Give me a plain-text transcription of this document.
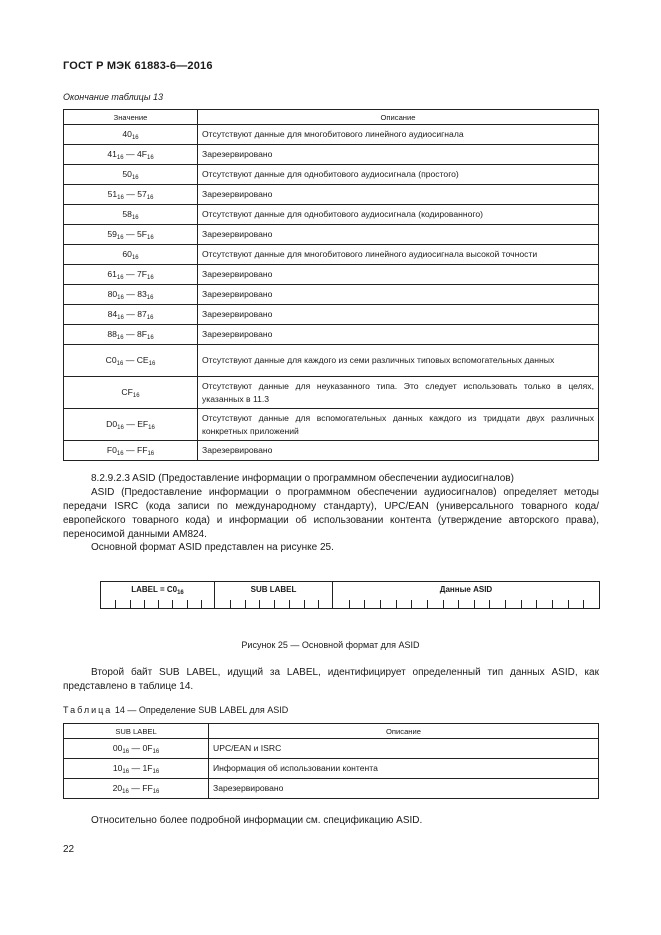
ГОСТ Р МЭК 61883-6—2016
Окончание таблицы 13
Значение	Описание
$40_{16}$	Отсутствуют данные для многобитового линейного аудиосигнала
$41_{16}$ — $4F_{16}$	Зарезервировано
$50_{16}$	Отсутствуют данные для однобитового аудиосигнала (простого)
$51_{16}$ — $57_{16}$	Зарезервировано
$58_{16}$	Отсутствуют данные для однобитового аудиосигнала (кодированного)
$59_{16}$ — $5F_{16}$	Зарезервировано
$60_{16}$	Отсутствуют данные для многобитового линейного аудиосигнала высокой точности
$61_{16}$ — $7F_{16}$	Зарезервировано
$80_{16}$ — $83_{16}$	Зарезервировано
$84_{16}$ — $87_{16}$	Зарезервировано
$88_{16}$ — $8F_{16}$	Зарезервировано
$C0_{16}$ — $CE_{16}$	Отсутствуют данные для каждого из семи различных типовых вспомогательных данных
$CF_{16}$	Отсутствуют данные для неуказанного типа. Это следует использовать только в целях, указанных в 11.3
$D0_{16}$ — $EF_{16}$	Отсутствуют данные для вспомогательных данных каждого из тридцати двух различных конкретных приложений
$F0_{16}$ — $FF_{16}$	Зарезервировано
8.2.9.2.3 ASID (Предоставление информации о программном обеспечении аудиосигналов)
ASID (Предоставление информации о программном обеспечении аудиосигналов) определяет методы передачи ISRC (кода записи по международному стандарту), UPC/EAN (универсального товарного кода/европейского товарного кода) и информации об использовании контента (утверждение авторского права), переносимой данными AM824.
Основной формат ASID представлен на рисунке 25.
LABEL = $C0_{16}$	SUB LABEL	Данные ASID
Рисунок 25 — Основной формат для ASID
Второй байт SUB LABEL, идущий за LABEL, идентифицирует определенный тип данных ASID, как представлено в таблице 14.
Таблица 14 — Определение SUB LABEL для ASID
SUB LABEL	Описание
$00_{16}$ — $0F_{16}$	UPC/EAN и ISRC
$10_{16}$ — $1F_{16}$	Информация об использовании контента
$20_{16}$ — $FF_{16}$	Зарезервировано
Относительно более подробной информации см. спецификацию ASID.
22
